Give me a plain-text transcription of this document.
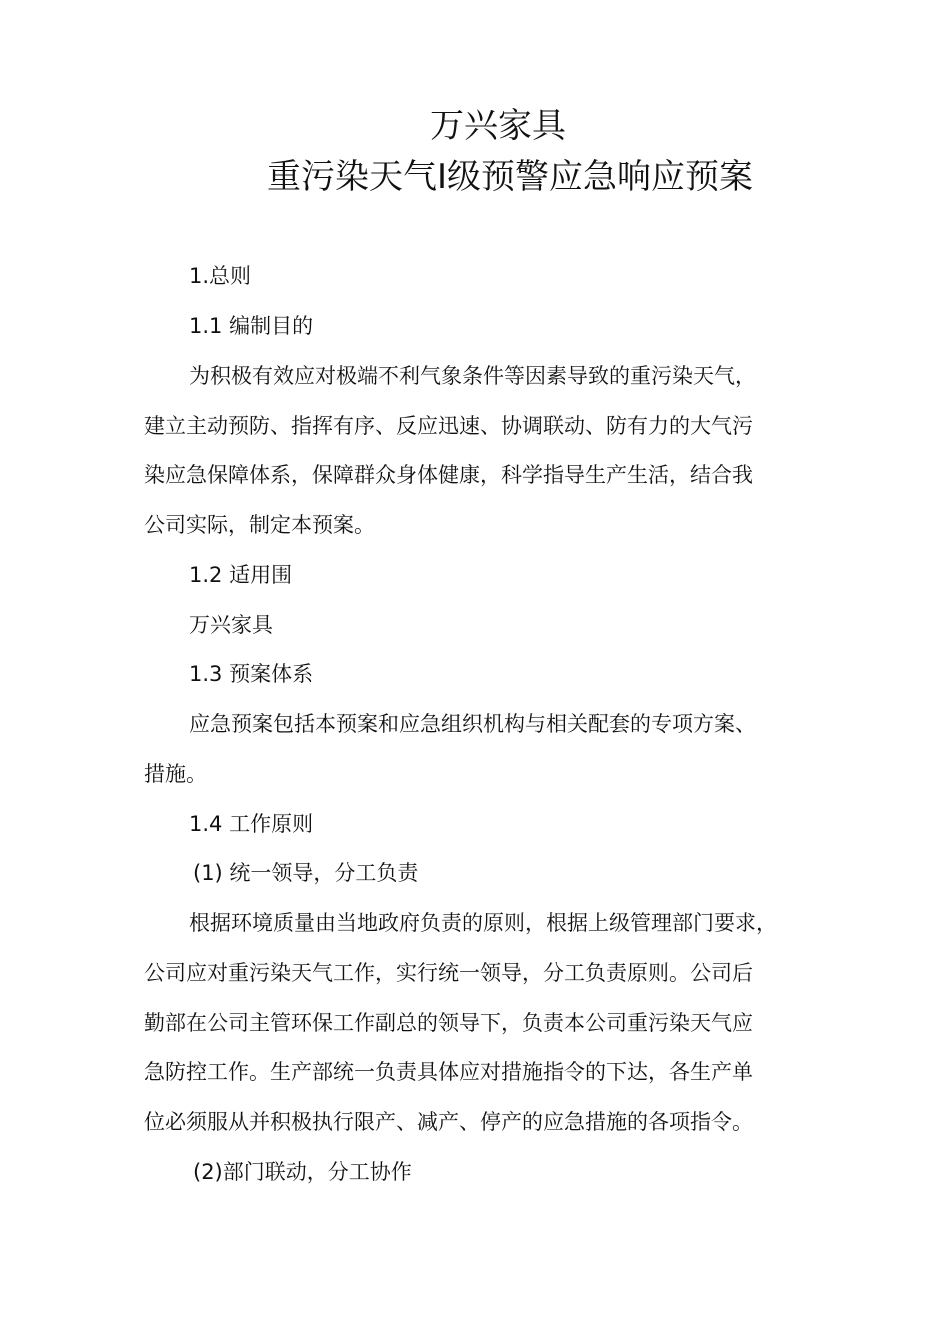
万兴家具
重污染天气Ⅰ级预警应急响应预案

1.总则

1.1 编制目的

为积极有效应对极端不利气象条件等因素导致的重污染天气，

建立主动预防、指挥有序、反应迅速、协调联动、防有力的大气污

染应急保障体系，保障群众身体健康，科学指导生产生活，结合我

公司实际，制定本预案。

1.2 适用围

万兴家具

1.3 预案体系

应急预案包括本预案和应急组织机构与相关配套的专项方案、

措施。

1.4 工作原则

(1) 统一领导，分工负责

根据环境质量由当地政府负责的原则，根据上级管理部门要求，

公司应对重污染天气工作，实行统一领导，分工负责原则。公司后

勤部在公司主管环保工作副总的领导下，负责本公司重污染天气应

急防控工作。生产部统一负责具体应对措施指令的下达，各生产单

位必须服从并积极执行限产、减产、停产的应急措施的各项指令。

(2)部门联动，分工协作
